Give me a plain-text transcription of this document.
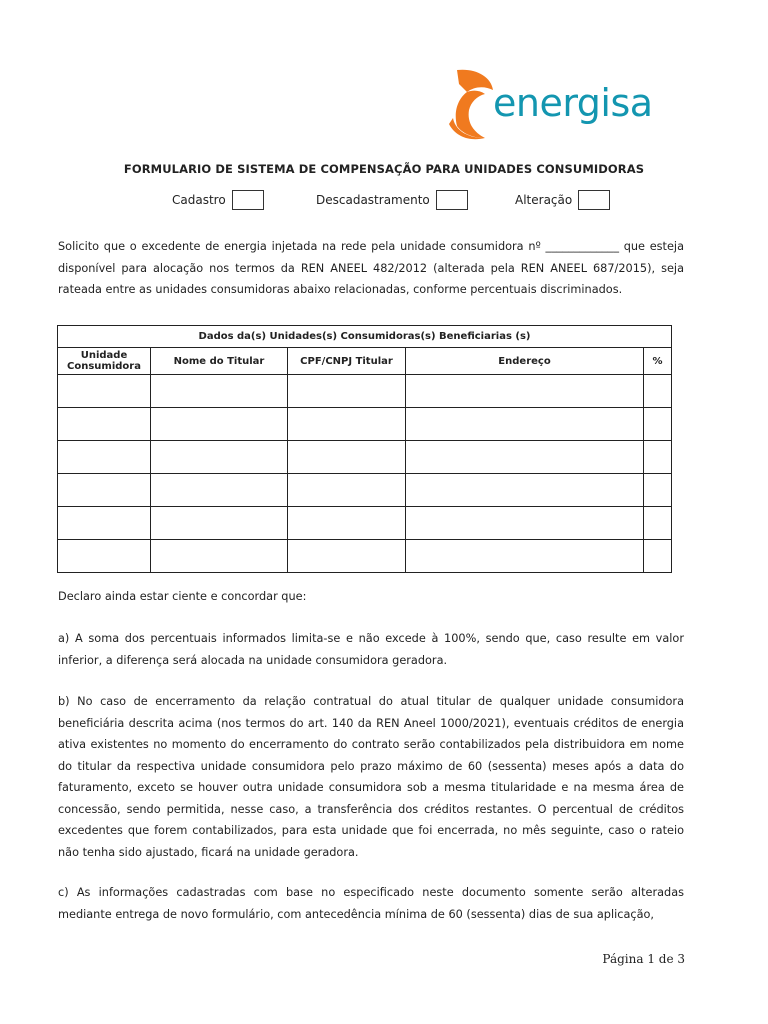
energisa
FORMULARIO DE SISTEMA DE COMPENSAÇÃO PARA UNIDADES CONSUMIDORAS
Cadastro	Descadastramento	Alteração

Solicito que o excedente de energia injetada na rede pela unidade consumidora nº _____________ que esteja disponível para alocação nos termos da REN ANEEL 482/2012 (alterada pela REN ANEEL 687/2015), seja rateada entre as unidades consumidoras abaixo relacionadas, conforme percentuais discriminados.

Dados da(s) Unidades(s) Consumidoras(s) Beneficiarias (s)				
Unidade Consumidora	Nome do Titular	CPF/CNPJ Titular	Endereço	%

Declaro ainda estar ciente e concordar que:

a) A soma dos percentuais informados limita-se e não excede à 100%, sendo que, caso resulte em valor inferior, a diferença será alocada na unidade consumidora geradora.

b) No caso de encerramento da relação contratual do atual titular de qualquer unidade consumidora beneficiária descrita acima (nos termos do art. 140 da REN Aneel 1000/2021), eventuais créditos de energia ativa existentes no momento do encerramento do contrato serão contabilizados pela distribuidora em nome do titular da respectiva unidade consumidora pelo prazo máximo de 60 (sessenta) meses após a data do faturamento, exceto se houver outra unidade consumidora sob a mesma titularidade e na mesma área de concessão, sendo permitida, nesse caso, a transferência dos créditos restantes. O percentual de créditos excedentes que forem contabilizados, para esta unidade que foi encerrada, no mês seguinte, caso o rateio não tenha sido ajustado, ficará na unidade geradora.

c) As informações cadastradas com base no especificado neste documento somente serão alteradas mediante entrega de novo formulário, com antecedência mínima de 60 (sessenta) dias de sua aplicação,

Página 1 de 3
